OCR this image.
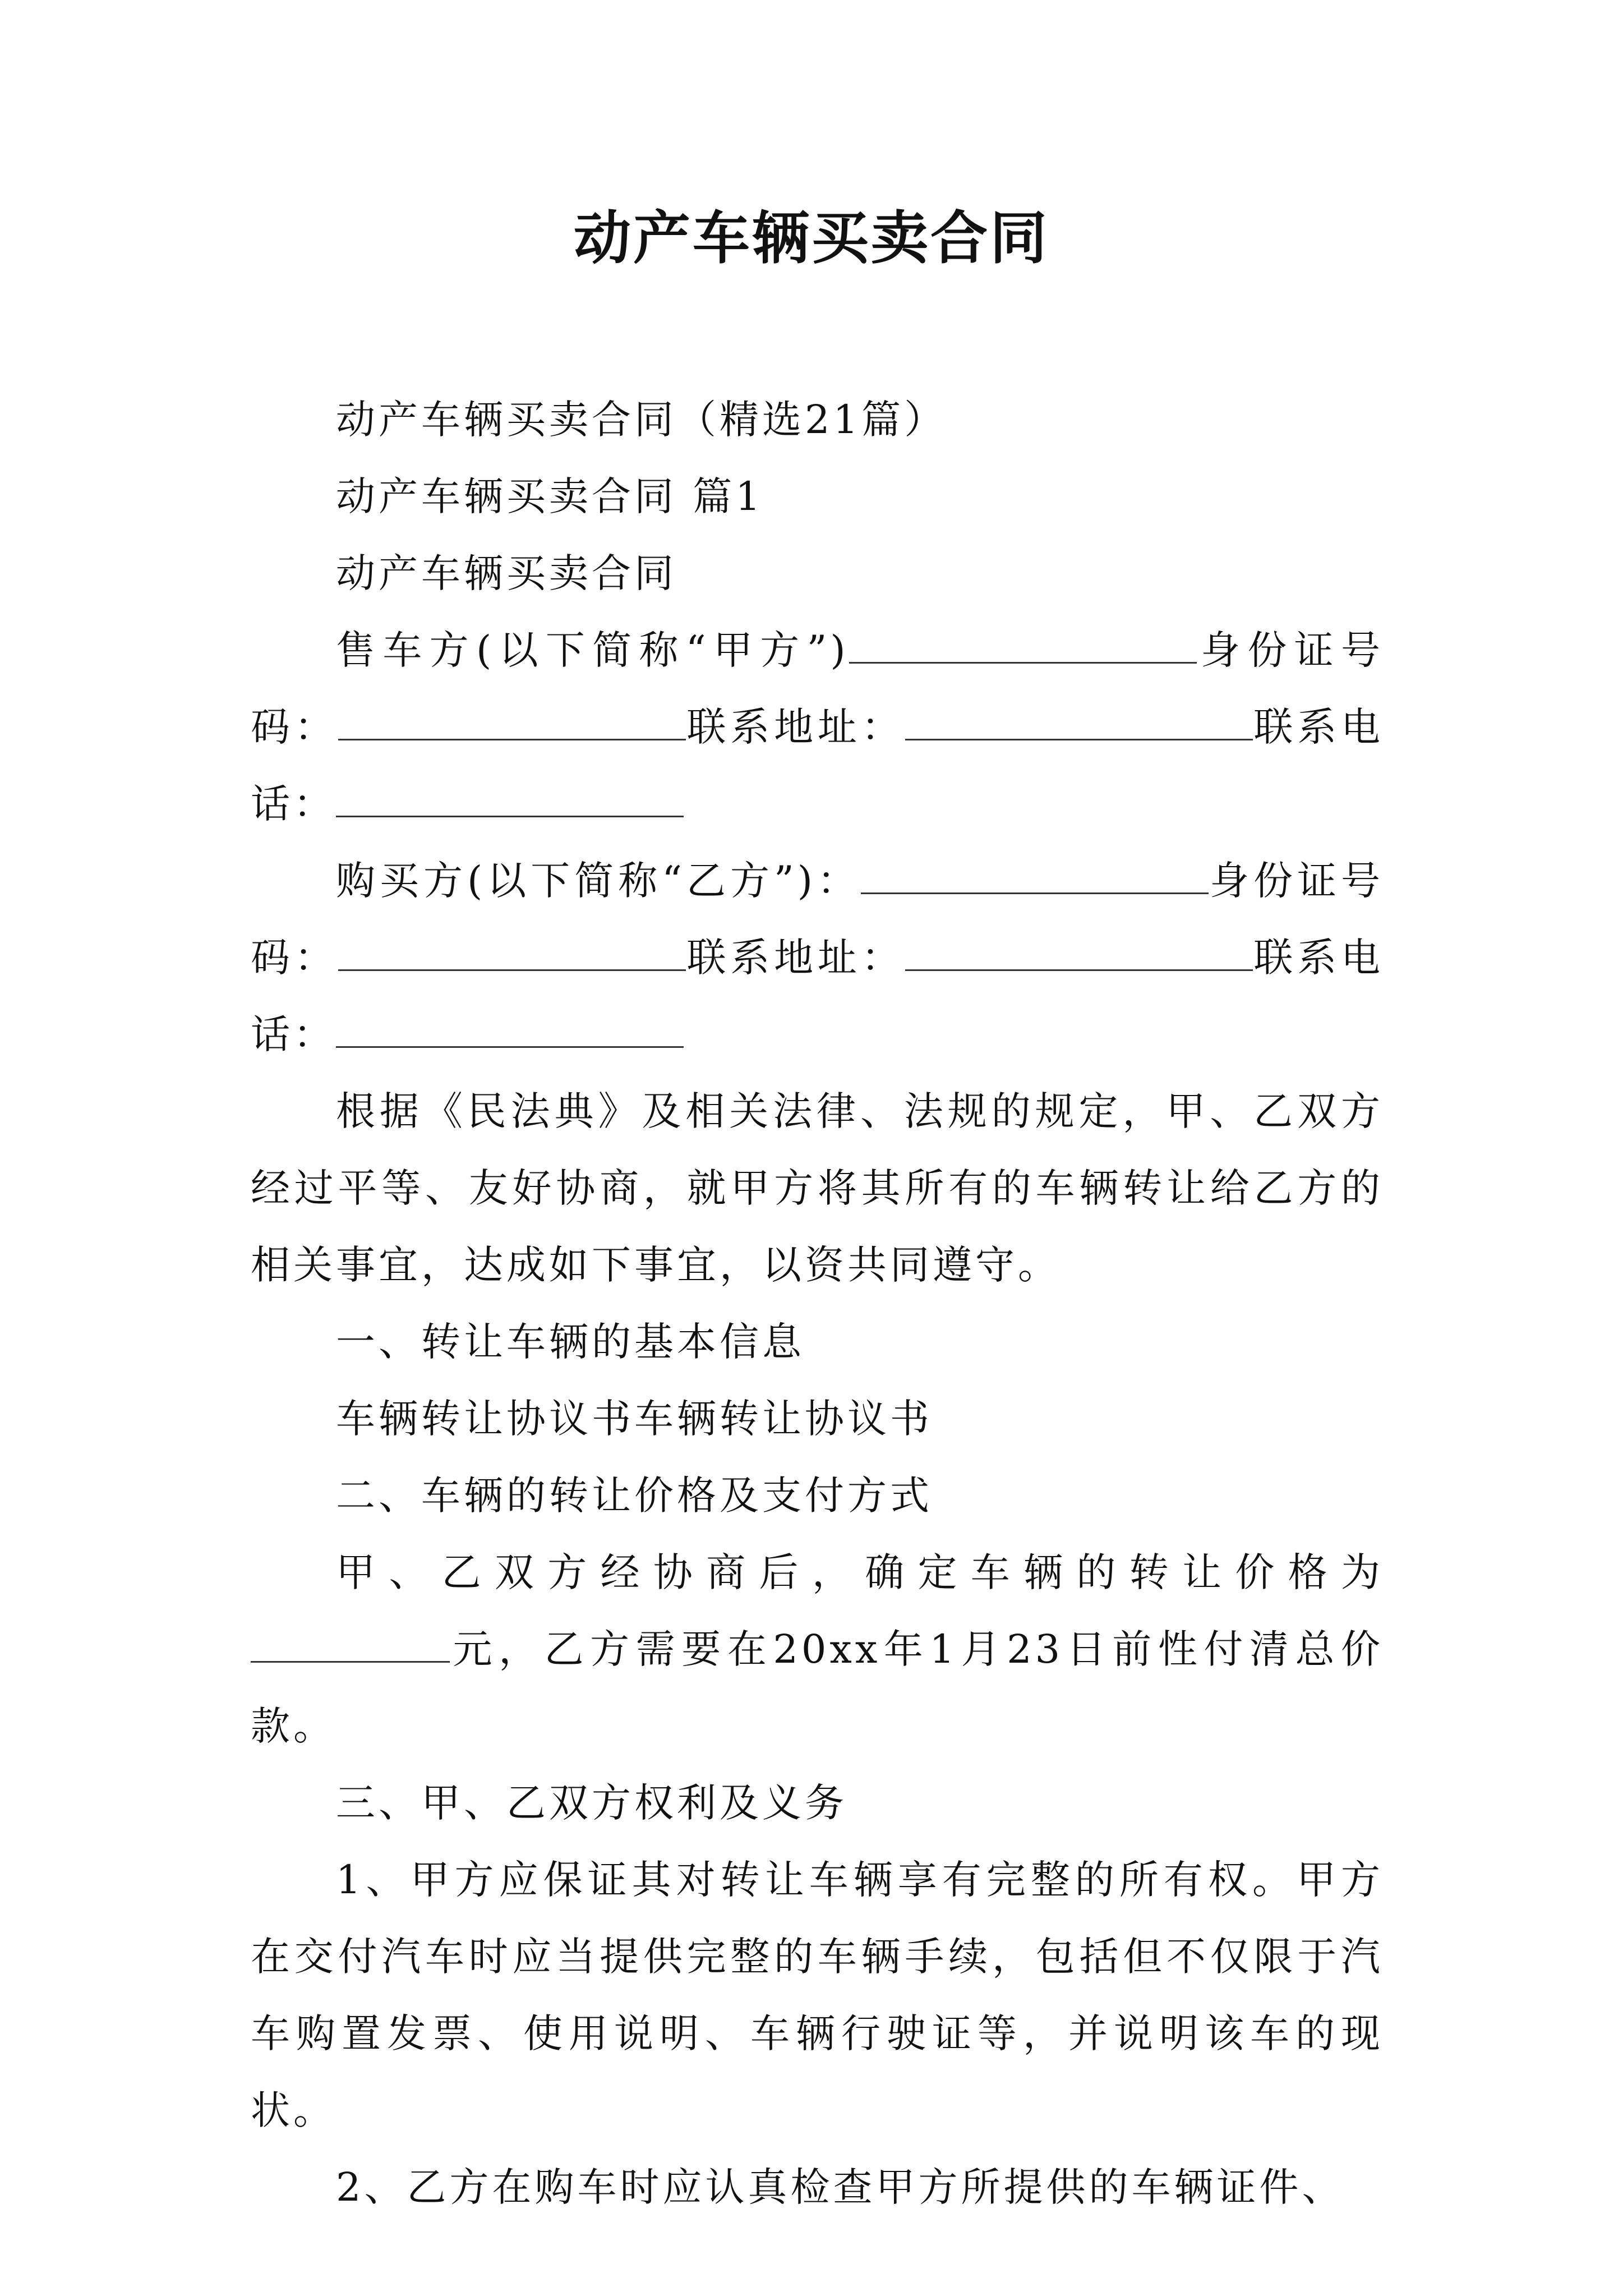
动产车辆买卖合同

动产车辆买卖合同（精选21篇）

动产车辆买卖合同 篇1

动产车辆买卖合同

售车方(以下简称“甲方”)	身份证号码：	联系地址：	联系电话：

购买方(以下简称“乙方”)：	身份证号码：	联系地址：	联系电话：

根据《民法典》及相关法律、法规的规定，甲、乙双方经过平等、友好协商，就甲方将其所有的车辆转让给乙方的相关事宜，达成如下事宜，以资共同遵守。

一、转让车辆的基本信息

车辆转让协议书车辆转让协议书

二、车辆的转让价格及支付方式

甲、乙双方经协商后，确定车辆的转让价格为元，乙方需要在20xx年1月23日前性付清总价款。

三、甲、乙双方权利及义务

1、甲方应保证其对转让车辆享有完整的所有权。甲方在交付汽车时应当提供完整的车辆手续，包括但不仅限于汽车购置发票、使用说明、车辆行驶证等，并说明该车的现状。

2、乙方在购车时应认真检查甲方所提供的车辆证件、
